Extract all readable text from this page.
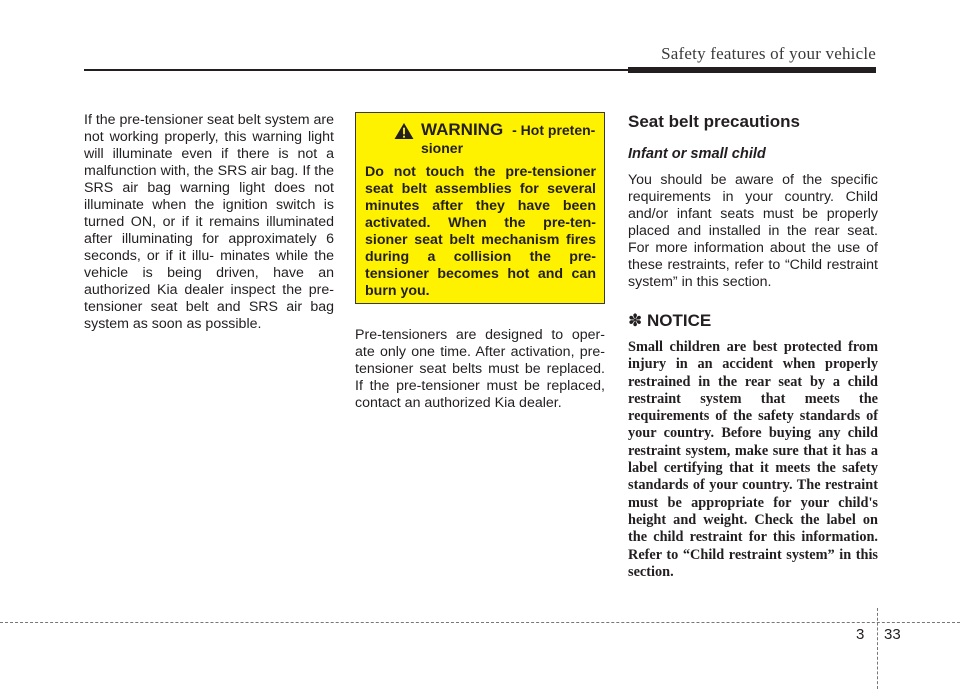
Safety features of your vehicle

If the pre-tensioner seat belt system are not working properly, this warning light will illuminate even if there is not a malfunction with, the SRS air bag. If the SRS air bag warning light does not illuminate when the ignition switch is turned ON, or if it remains illuminated after illuminating for approximately 6 seconds, or if it illu- minates while the vehicle is being driven, have an authorized Kia dealer inspect the pre-tensioner seat belt and SRS air bag system as soon as possible.

WARNING - Hot preten- sioner
Do not touch the pre-tensioner seat belt assemblies for several minutes after they have been activated. When the pre-ten- sioner seat belt mechanism fires during a collision the pre- tensioner becomes hot and can burn you.

Pre-tensioners are designed to oper- ate only one time. After activation, pre-tensioner seat belts must be replaced. If the pre-tensioner must be replaced, contact an authorized Kia dealer.

Seat belt precautions
Infant or small child

You should be aware of the specific requirements in your country. Child and/or infant seats must be properly placed and installed in the rear seat. For more information about the use of these restraints, refer to “Child restraint system” in this section.

✽ NOTICE
Small children are best protected from injury in an accident when properly restrained in the rear seat by a child restraint system that meets the requirements of the safety standards of your country. Before buying any child restraint system, make sure that it has a label certifying that it meets the safety standards of your country. The restraint must be appropriate for your child's height and weight. Check the label on the child restraint for this information. Refer to “Child restraint system” in this section.
3 33
